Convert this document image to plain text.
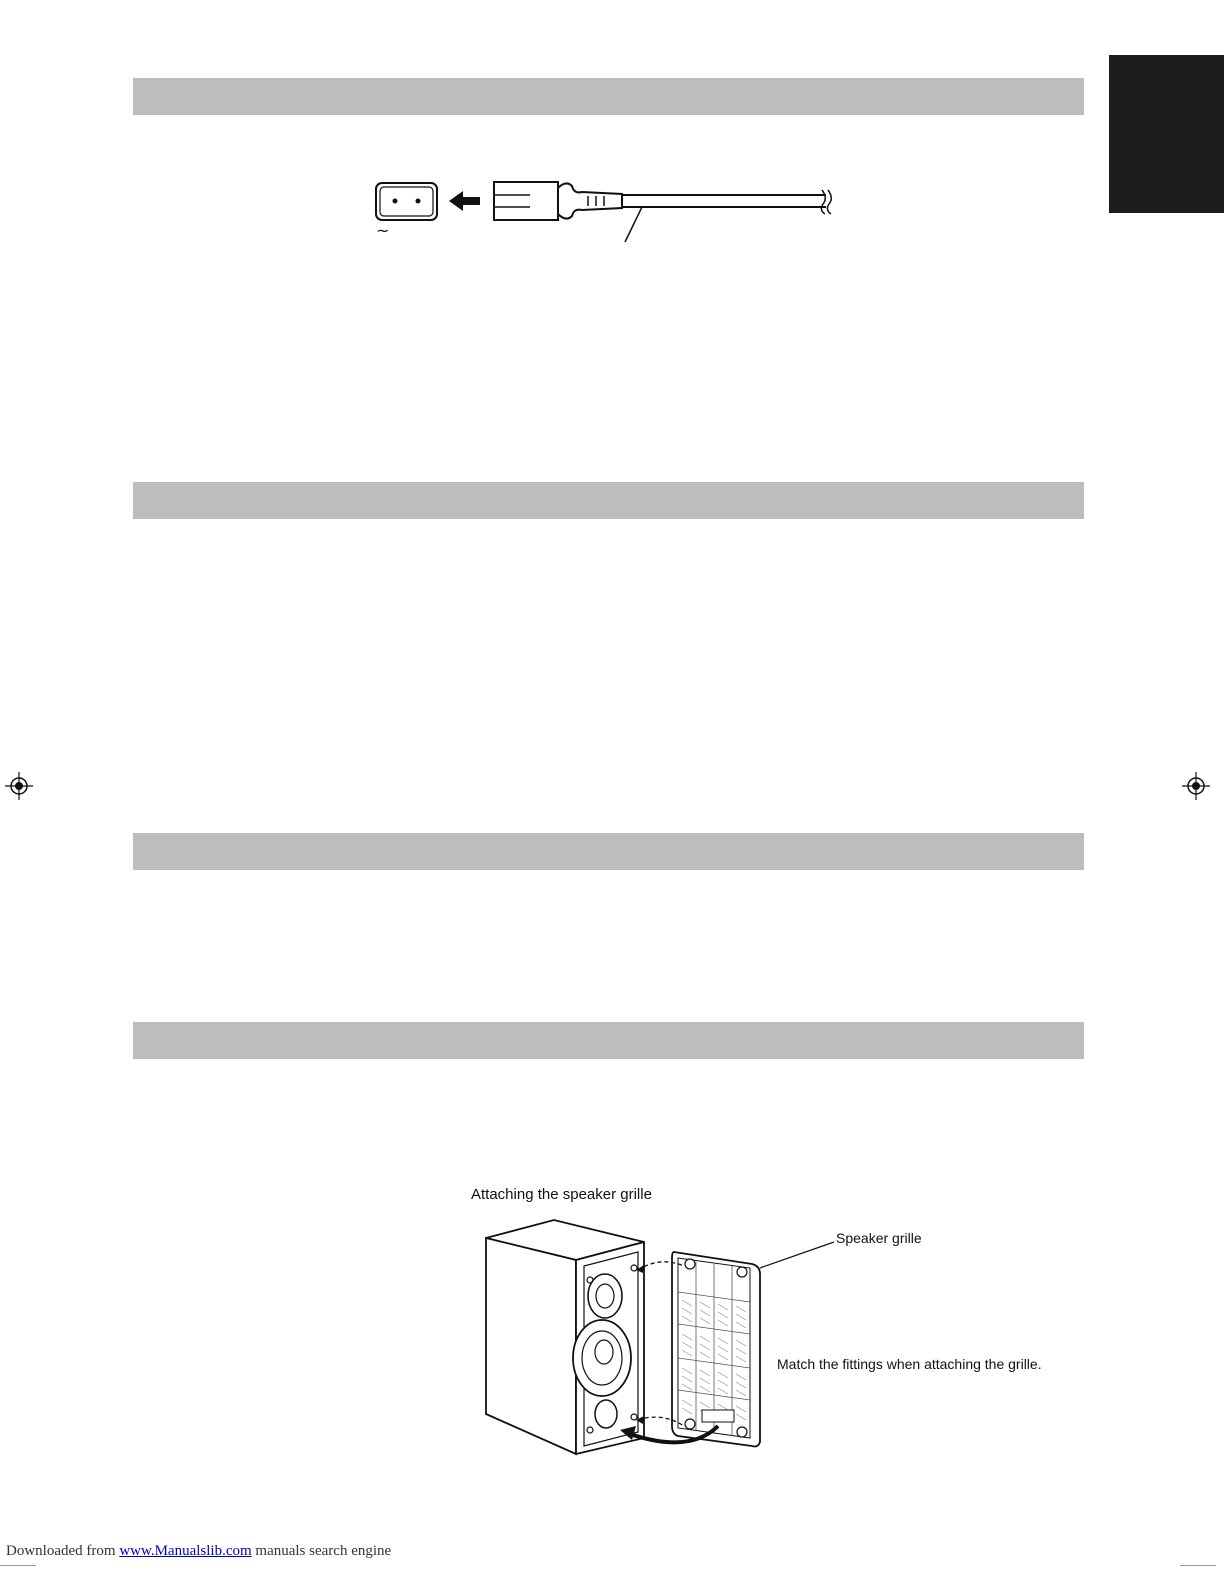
~
Attaching the speaker grille
Speaker grille
Match the fittings when attaching the grille.
Downloaded from www.Manualslib.com manuals search engine
